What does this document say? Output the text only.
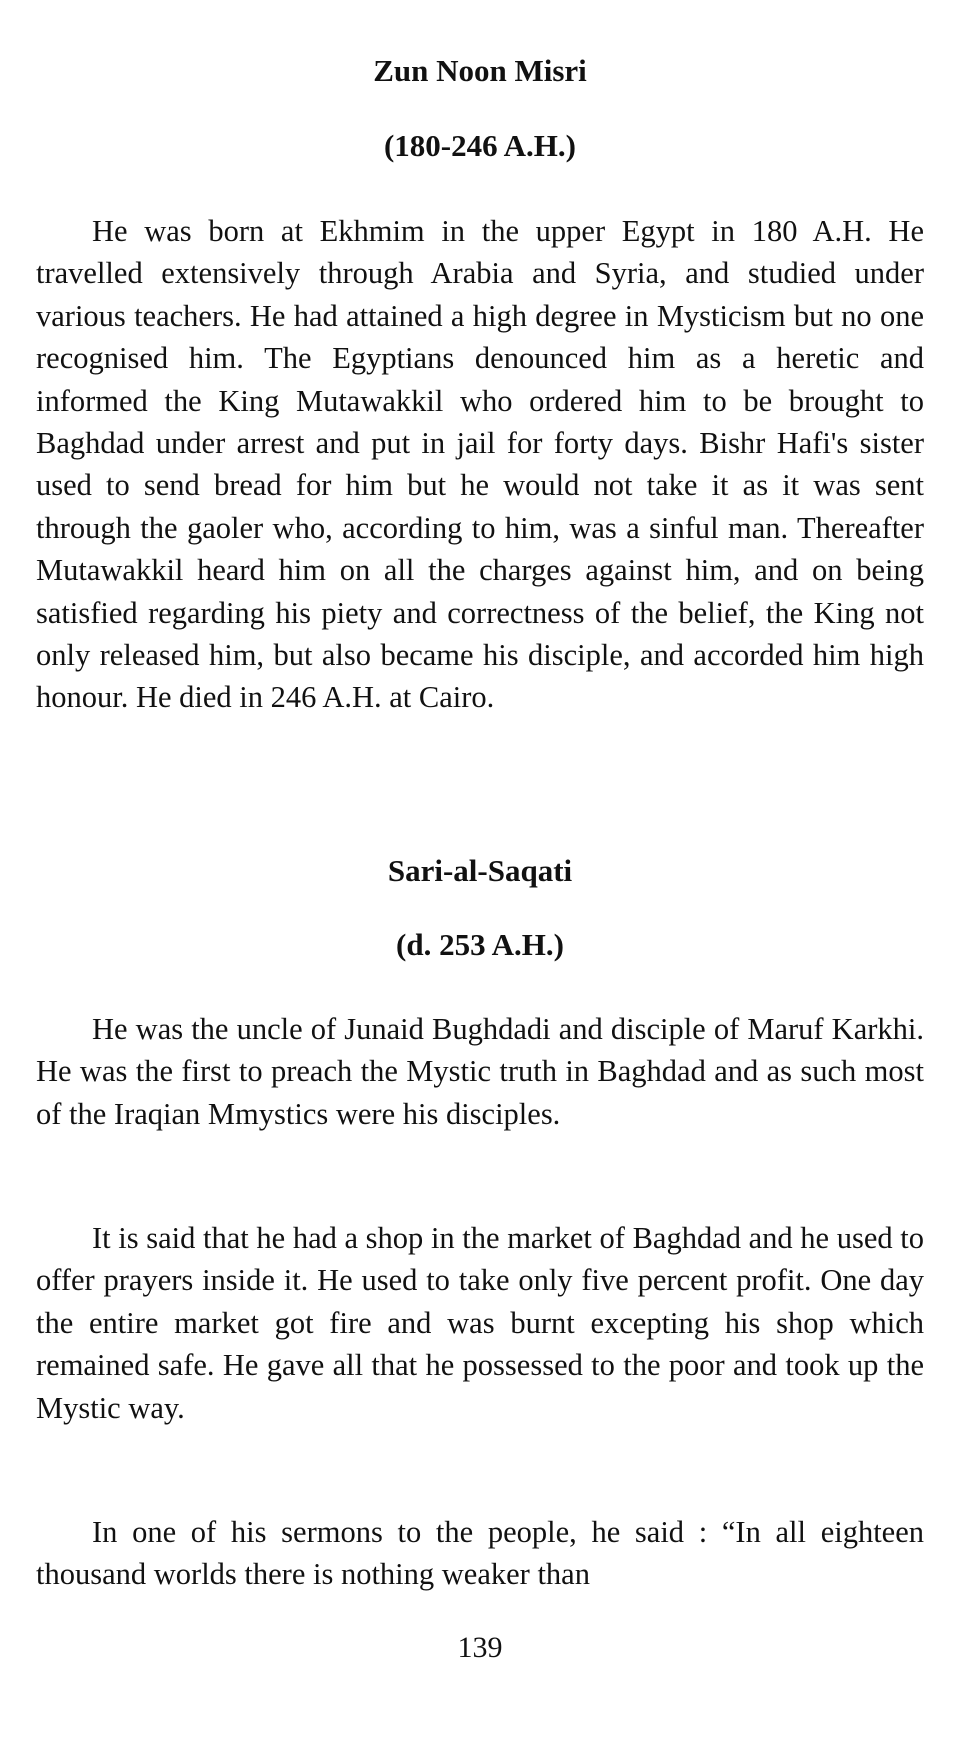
Zun Noon Misri
(180-246 A.H.)

He was born at Ekhmim in the upper Egypt in 180 A.H. He travelled extensively through Arabia and Syria, and studied under various teachers. He had attained a high degree in Mysticism but no one recognised him. The Egyptians denounced him as a heretic and informed the King Mutawakkil who ordered him to be brought to Baghdad under arrest and put in jail for forty days. Bishr Hafi's sister used to send bread for him but he would not take it as it was sent through the gaoler who, according to him, was a sinful man. Thereafter Mutawakkil heard him on all the charges against him, and on being satisfied regarding his piety and correctness of the belief, the King not only released him, but also became his disciple, and accorded him high honour. He died in 246 A.H. at Cairo.

Sari-al-Saqati
(d. 253 A.H.)

He was the uncle of Junaid Bughdadi and disciple of Maruf Karkhi. He was the first to preach the Mystic truth in Baghdad and as such most of the Iraqian Mmystics were his disciples.

It is said that he had a shop in the market of Baghdad and he used to offer prayers inside it. He used to take only five percent profit. One day the entire market got fire and was burnt excepting his shop which remained safe. He gave all that he possessed to the poor and took up the Mystic way.

In one of his sermons to the people, he said : “In all eighteen thousand worlds there is nothing weaker than

139
